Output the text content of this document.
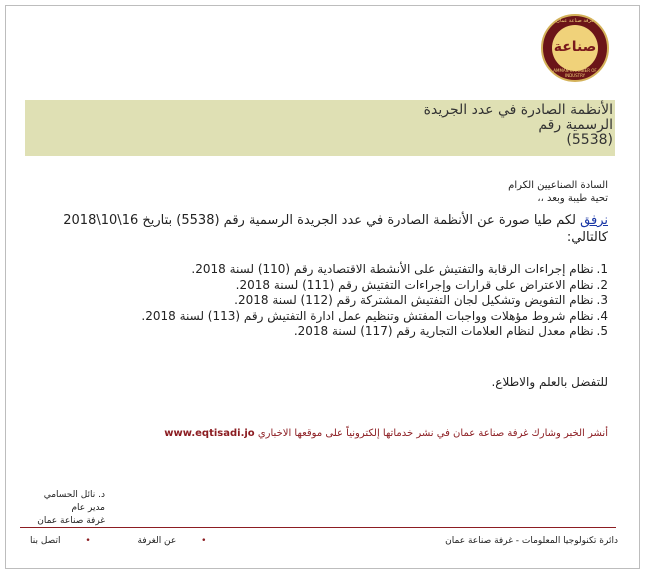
غرفة صناعة عمان
صناعة
AMMAN CHAMBER OF INDUSTRY
الأنظمة الصادرة في عدد الجريدة
الرسمية رقم
(5538)
السادة الصناعيين الكرام
تحية طيبة وبعد ،،
نرفق لكم طيا صورة عن الأنظمة الصادرة في عدد الجريدة الرسمية رقم (5538) بتاريخ 16\10\2018 كالتالي:
1.نظام إجراءات الرقابة والتفتيش على الأنشطة الاقتصادية رقم (110) لسنة 2018.
2.نظام الاعتراض على قرارات وإجراءات التفتيش رقم (111) لسنة 2018.
3.نظام التفويض وتشكيل لجان التفتيش المشتركة رقم (112) لسنة 2018.
4.نظام شروط مؤهلات وواجبات المفتش وتنظيم عمل ادارة التفتيش رقم (113) لسنة 2018.
5.نظام معدل لنظام العلامات التجارية رقم (117) لسنة 2018.
للتفضل بالعلم والاطلاع.
أنشر الخبر وشارك غرفة صناعة عمان في نشر خدماتها إلكترونياً على موقعها الاخباري www.eqtisadi.jo
د. نائل الحسامي
مدير عام
غرفة صناعة عمان
دائرة تكنولوجيا المعلومات - غرفة صناعة عمان
• عن الغرفة • اتصل بنا
